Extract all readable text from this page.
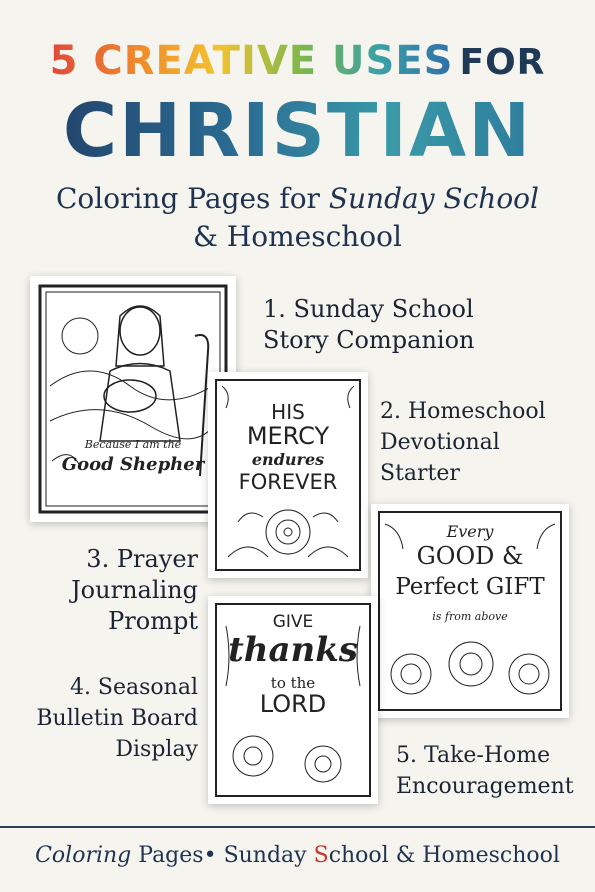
5 CREATIVE USES FOR
CHRISTIAN
Coloring Pages for Sunday School
& Homeschool
Because I am the
Good Shepher
HIS
MERCY
endures
FOREVER
Every
GOOD &
Perfect GIFT
is from above
GIVE
thanks
to the
LORD
1. Sunday School
Story Companion
2. Homeschool
Devotional
Starter
3. Prayer
Journaling
Prompt
4. Seasonal
Bulletin Board
Display	5. Take-Home
Encouragement
Coloring Pages• Sunday School & Homeschool
